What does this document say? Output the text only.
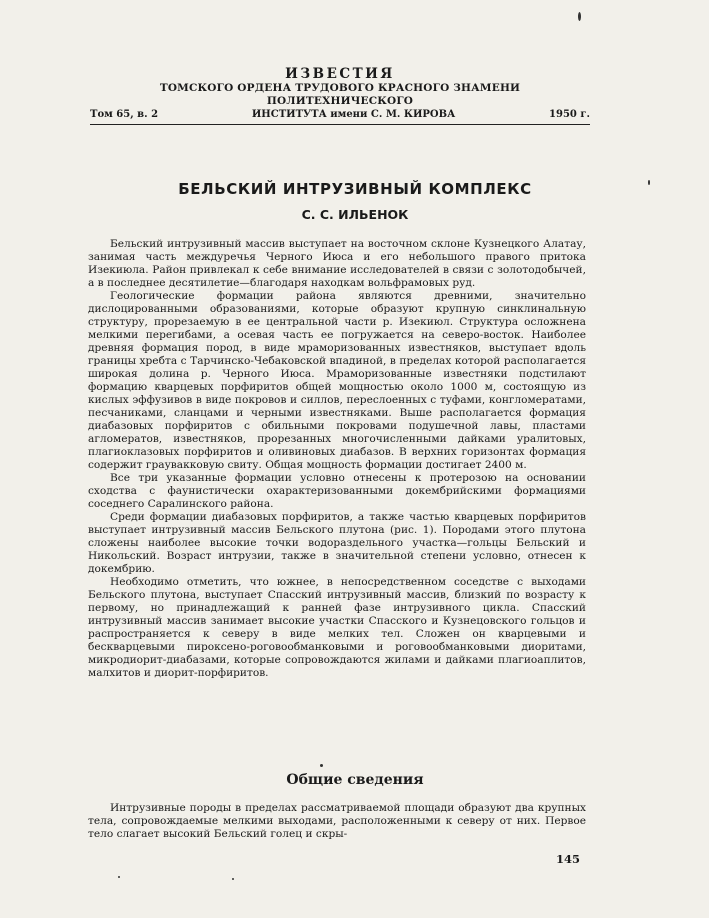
ИЗВЕСТИЯ

ТОМСКОГО ОРДЕНА ТРУДОВОГО КРАСНОГО ЗНАМЕНИ ПОЛИТЕХНИЧЕСКОГО

Том 65, в. 2	ИНСТИТУТА имени С. М. КИРОВА	1950 г.

БЕЛЬСКИЙ ИНТРУЗИВНЫЙ КОМПЛЕКС

С. С. ИЛЬЕНОК

Бельский интрузивный массив выступает на восточном склоне Кузнецкого Алатау, занимая часть междуречья Черного Июса и его небольшого правого притока Изекиюла. Район привлекал к себе внимание исследователей в связи с золотодобычей, а в последнее десятилетие—благодаря находкам вольфрамовых руд.

Геологические формации района являются древними, значительно дислоцированными образованиями, которые образуют крупную синклинальную структуру, прорезаемую в ее центральной части р. Изекиюл. Структура осложнена мелкими перегибами, а осевая часть ее погружается на северо-восток. Наиболее древняя формация пород, в виде мраморизованных известняков, выступает вдоль границы хребта с Тарчинско-Чебаковской впадиной, в пределах которой располагается широкая долина р. Черного Июса. Мраморизованные известняки подстилают формацию кварцевых порфиритов общей мощностью около 1000 м, состоящую из кислых эффузивов в виде покровов и силлов, переслоенных с туфами, конгломератами, песчаниками, сланцами и черными известняками. Выше располагается формация диабазовых порфиритов с обильными покровами подушечной лавы, пластами агломератов, известняков, прорезанных многочисленными дайками уралитовых, плагиоклазовых порфиритов и оливиновых диабазов. В верхних горизонтах формация содержит граувакковую свиту. Общая мощность формации достигает 2400 м.

Все три указанные формации условно отнесены к протерозою на основании сходства с фаунистически охарактеризованными докембрийскими формациями соседнего Саралинского района.

Среди формации диабазовых порфиритов, а также частью кварцевых порфиритов выступает интрузивный массив Бельского плутона (рис. 1). Породами этого плутона сложены наиболее высокие точки водораздельного участка—гольцы Бельский и Никольский. Возраст интрузии, также в значительной степени условно, отнесен к докембрию.

Необходимо отметить, что южнее, в непосредственном соседстве с выходами Бельского плутона, выступает Спасский интрузивный массив, близкий по возрасту к первому, но принадлежащий к ранней фазе интрузивного цикла. Спасский интрузивный массив занимает высокие участки Спасского и Кузнецовского гольцов и распространяется к северу в виде мелких тел. Сложен он кварцевыми и бескварцевыми пироксено-роговообманковыми и роговообманковыми диоритами, микродиорит-диабазами, которые сопровождаются жилами и дайками плагиоаплитов, малхитов и диорит-порфиритов.

Общие сведения

Интрузивные породы в пределах рассматриваемой площади образуют два крупных тела, сопровождаемые мелкими выходами, расположенными к северу от них. Первое тело слагает высокий Бельский голец и скры-

145
